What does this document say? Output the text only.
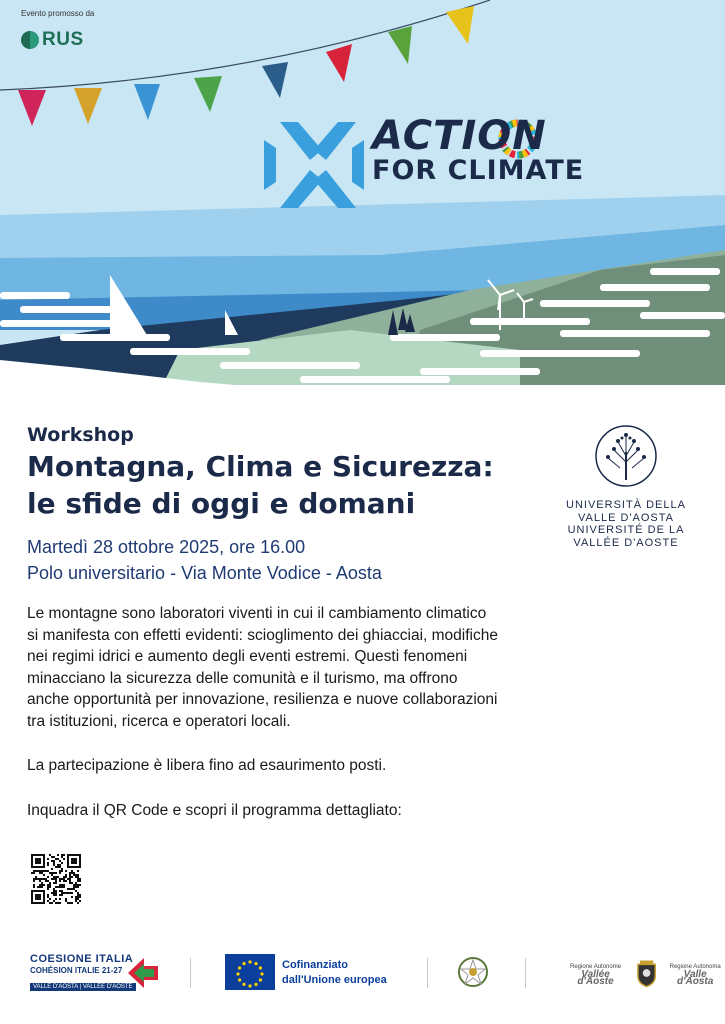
Evento promosso da
RUS
ACTION
FOR CLIMATE
Workshop
Montagna, Clima e Sicurezza:
le sfide di oggi e domani
Martedì 28 ottobre 2025, ore 16.00
Polo universitario - Via Monte Vodice - Aosta
Le montagne sono laboratori viventi in cui il cambiamento climatico
si manifesta con effetti evidenti: scioglimento dei ghiacciai, modifiche
nei regimi idrici e aumento degli eventi estremi. Questi fenomeni
minacciano la sicurezza delle comunità e il turismo, ma offrono
anche opportunità per innovazione, resilienza e nuove collaborazioni
tra istituzioni, ricerca e operatori locali.
La partecipazione è libera fino ad esaurimento posti.
Inquadra il QR Code e scopri il programma dettagliato:
UNIVERSITÀ DELLA
VALLE D'AOSTA
UNIVERSITÉ DE LA
VALLÉE D'AOSTE
COESIONE ITALIA
COHÉSION ITALIE 21-27
VALLE D'AOSTA | VALLÉE D'AOSTE
Cofinanziato
dall'Unione europea
Regione Autonome
Vallée d'Aoste
Regione Autonoma
Valle d'Aosta
